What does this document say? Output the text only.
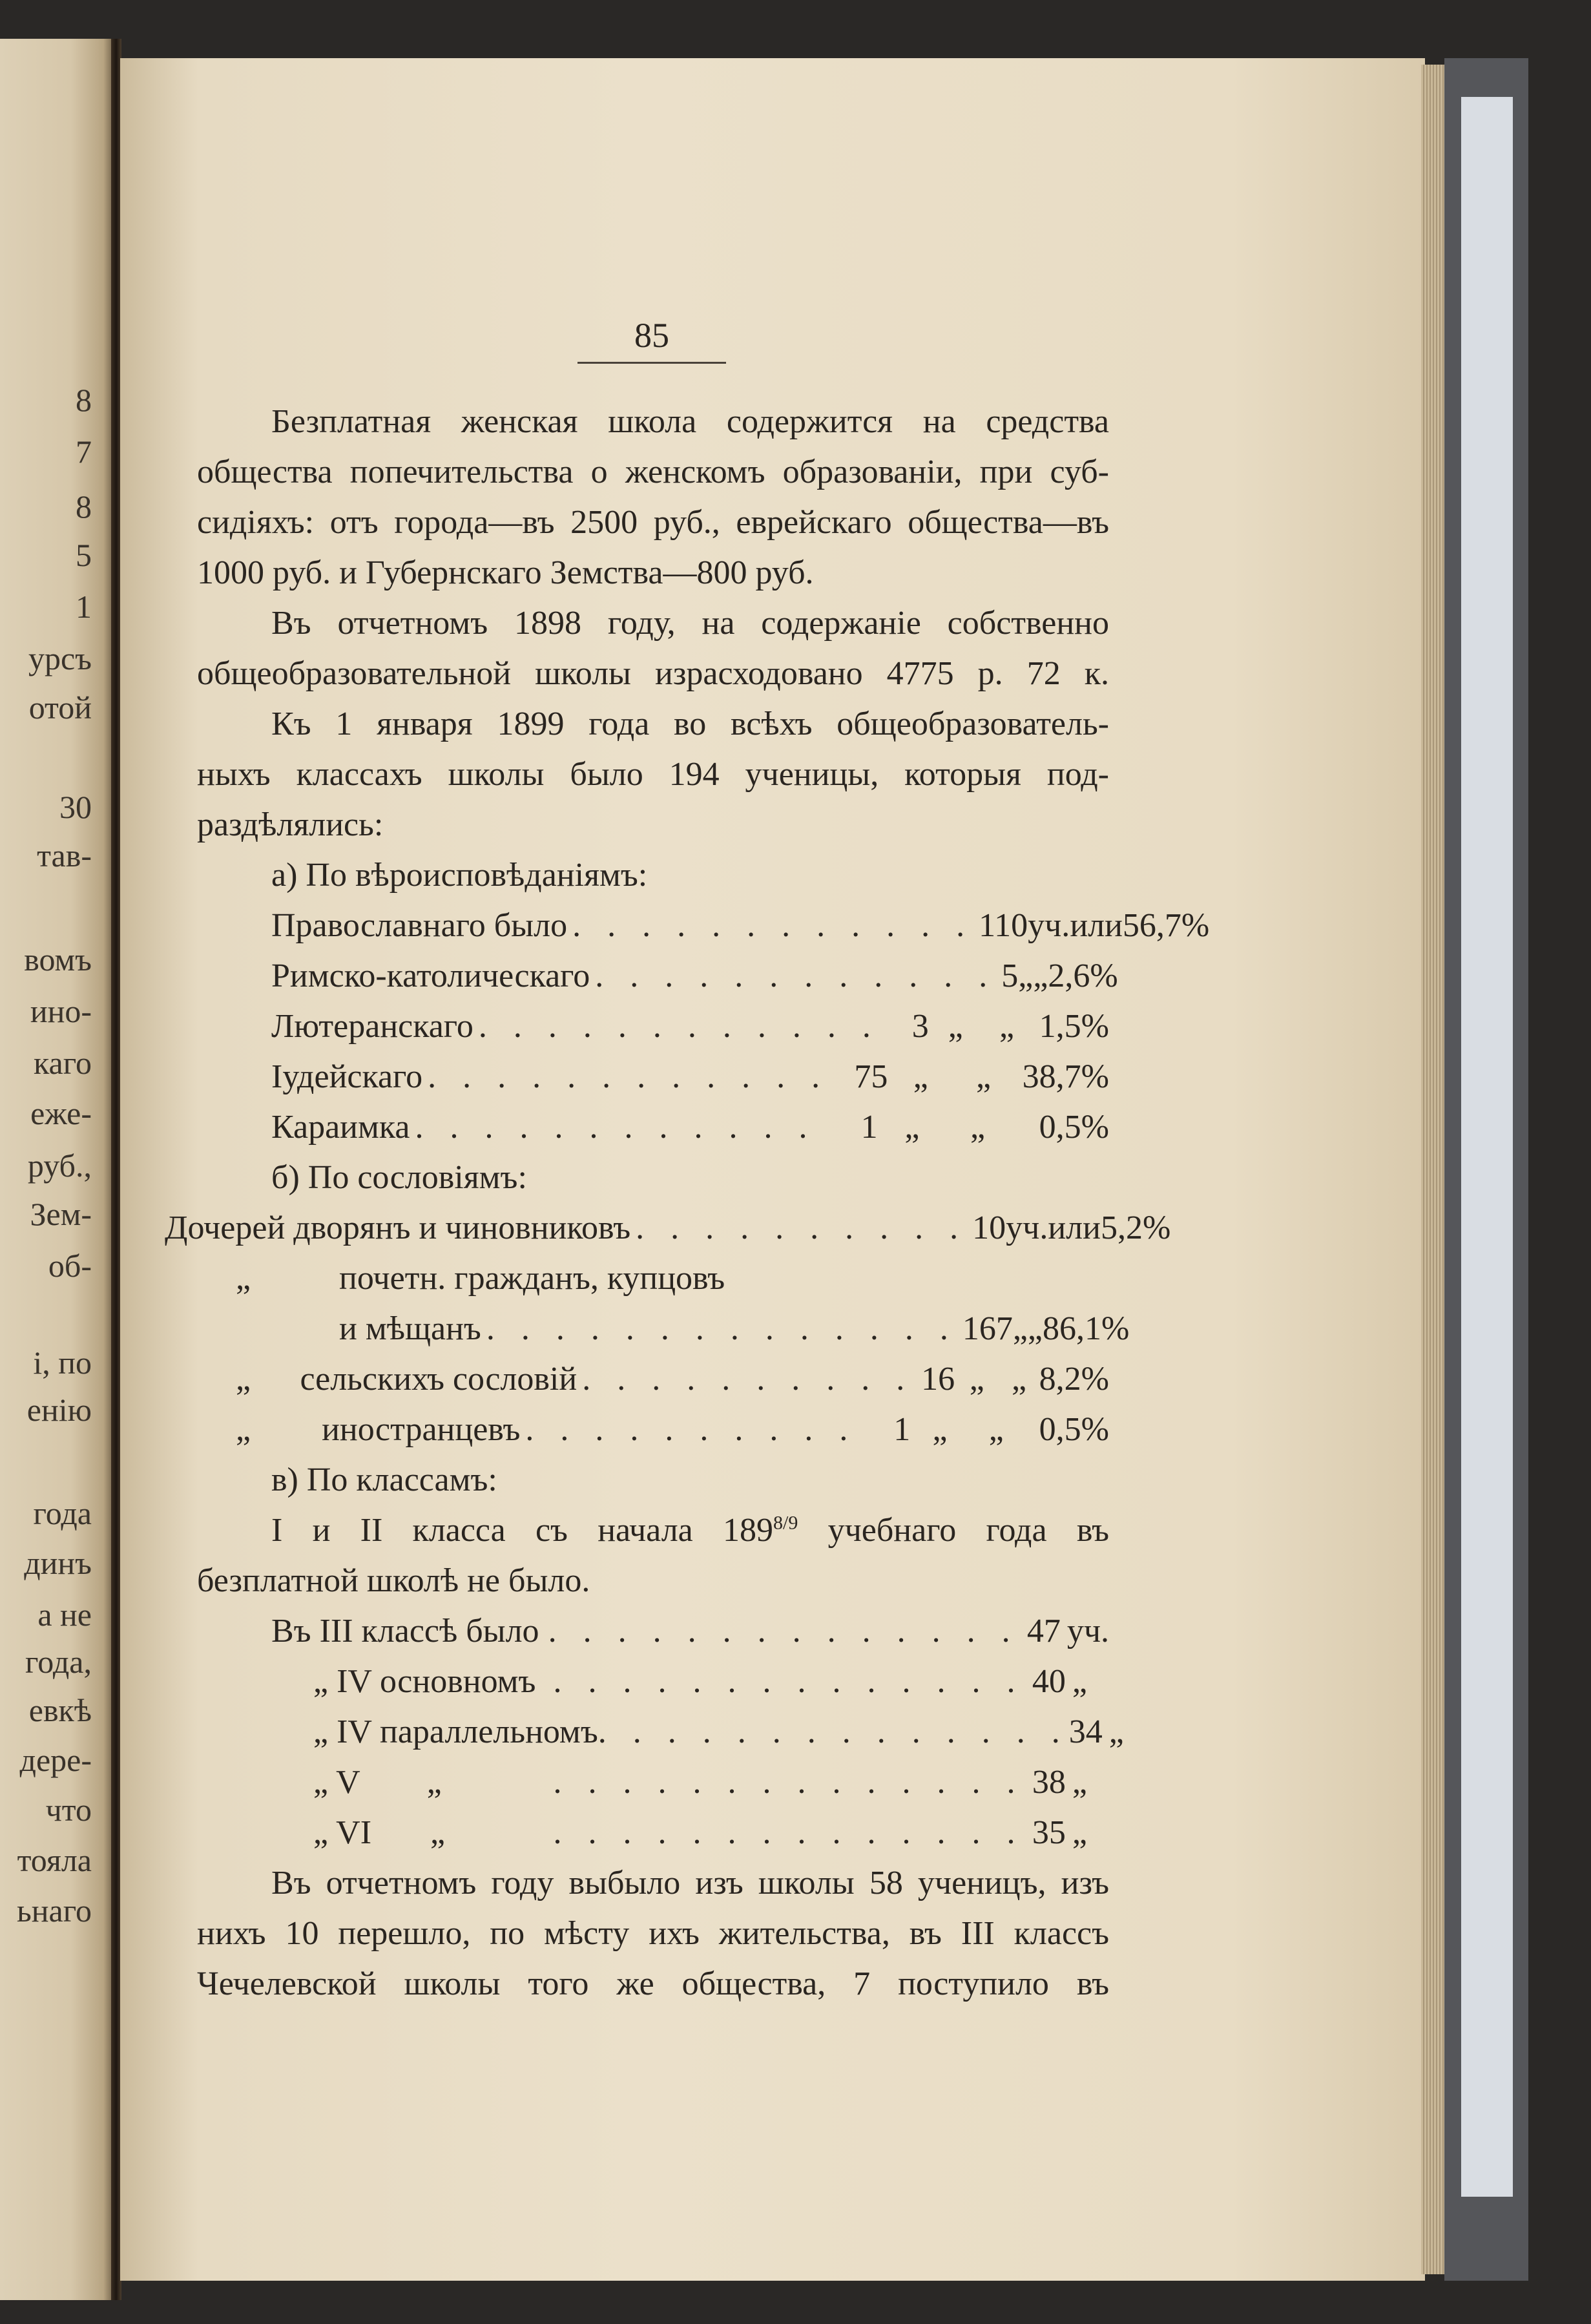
8
7
8
5
1
урсъ
отой
30
тав-
вомъ
ино-
каго
еже-
руб.,
Зем-
об-
і, по
енію
года
динъ
а не
года,
евкѣ
дере-
что
тояла
ьнаго
85
Безплатная женская школа содержится на средства
общества попечительства о женскомъ образованіи, при суб-
сидіяхъ: отъ города—въ 2500 руб., еврейскаго общества—въ
1000 руб. и Губернскаго Земства—800 руб.
Въ отчетномъ 1898 году, на содержаніе собственно
общеобразовательной школы израсходовано 4775 р. 72 к.
Къ 1 января 1899 года во всѣхъ общеобразователь-
ныхъ классахъ школы было 194 ученицы, которыя под-
раздѣлялись:
а) По вѣроисповѣданіямъ:
Православнаго было . . . . . . . . . . . . 110 уч. или 56,7%
Римско-католическаго . . . . . . . . . . . . 5 „ „ 2,6%
Лютеранскаго . . . . . . . . . . . . 3 „	„ 1,5%
Іудейскаго . . . . . . . . . . . . 75 „	„ 38,7%
Караимка . . . . . . . . . . . .	1 „	„	0,5%
б) По сословіямъ:
Дочерей дворянъ и чиновниковъ . . . . . . . . . . 10 уч. или 5,2%
„	почетн. гражданъ, купцовъ
и мѣщанъ . . . . . . . . . . . . . . 167 „ „ 86,1%
„	сельскихъ сословій . . . . . . . . . . 16 „ „ 8,2%
„	иностранцевъ . . . . . . . . . .	1 „	„	0,5%
в) По классамъ:
I и II класса съ начала $189^{8/9}$ учебнаго года въ
безплатной школѣ не было.
Въ III классѣ было . . . . . . . . . . . . . . 47 уч.
„ IV основномъ . . . . . . . . . . . . . . 40 „
„ IV параллельномъ . . . . . . . . . . . . . . 34 „
„ V        „	. . . . . . . . . . . . . . 38 „
„ VI       „	. . . . . . . . . . . . . . 35 „
Въ отчетномъ году выбыло изъ школы 58 ученицъ, изъ
нихъ 10 перешло, по мѣсту ихъ жительства, въ III классъ
Чечелевской школы того же общества, 7 поступило въ
